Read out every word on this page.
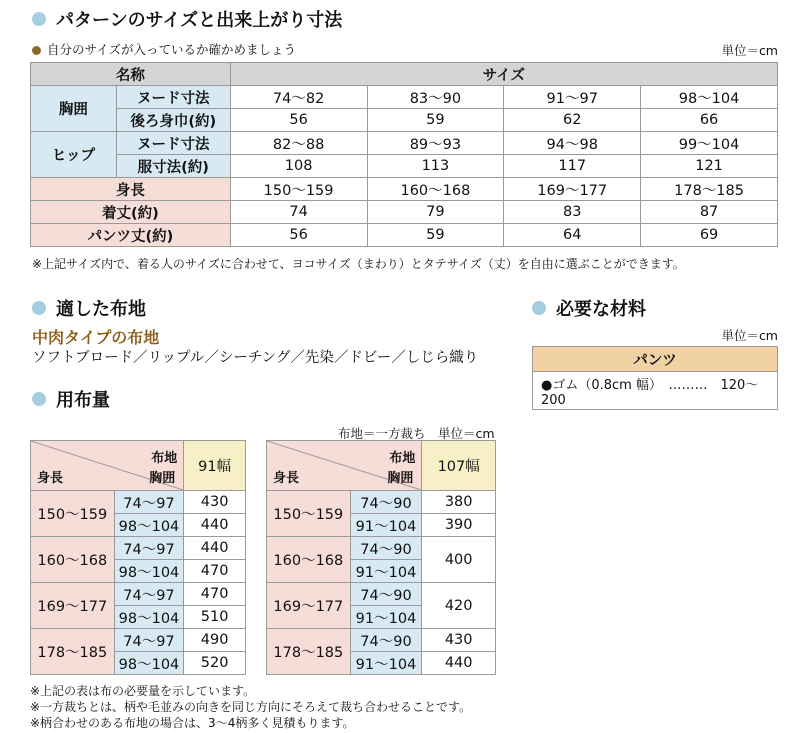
パターンのサイズと出来上がり寸法
自分のサイズが入っているか確かめましょう	単位＝cm
名称		サイズ			
胸囲	ヌード寸法	74〜82	83〜90	91〜97	98〜104
	後ろ身巾(約)	56	59	62	66
ヒップ	ヌード寸法	82〜88	89〜93	94〜98	99〜104
	服寸法(約)	108	113	117	121
身長		150〜159	160〜168	169〜177	178〜185
着丈(約)		74	79	83	87
パンツ丈(約)		56	59	64	69
※上記サイズ内で、着る人のサイズに合わせて、ヨコサイズ（まわり）とタテサイズ（丈）を自由に選ぶことができます。
適した布地
中肉タイプの布地
ソフトブロード／リップル／シーチング／先染／ドビー／しじら織り
必要な材料
単位＝cm
パンツ
●ゴム（0.8cm 幅）　………　120〜200
用布量
布地＝一方裁ち　単位＝cm
布地
身長 胸囲		91幅
150〜159	74〜97	430
	98〜104	440
160〜168	74〜97	440
	98〜104	470
169〜177	74〜97	470
	98〜104	510
178〜185	74〜97	490
	98〜104	520
布地
身長 胸囲		107幅
150〜159	74〜90	380
	91〜104	390
160〜168	74〜90	400
	91〜104	
169〜177	74〜90	420
	91〜104	
178〜185	74〜90	430
	91〜104	440
※上記の表は布の必要量を示しています。
※一方裁ちとは、柄や毛並みの向きを同じ方向にそろえて裁ち合わせることです。
※柄合わせのある布地の場合は、3〜4柄多く見積もります。
